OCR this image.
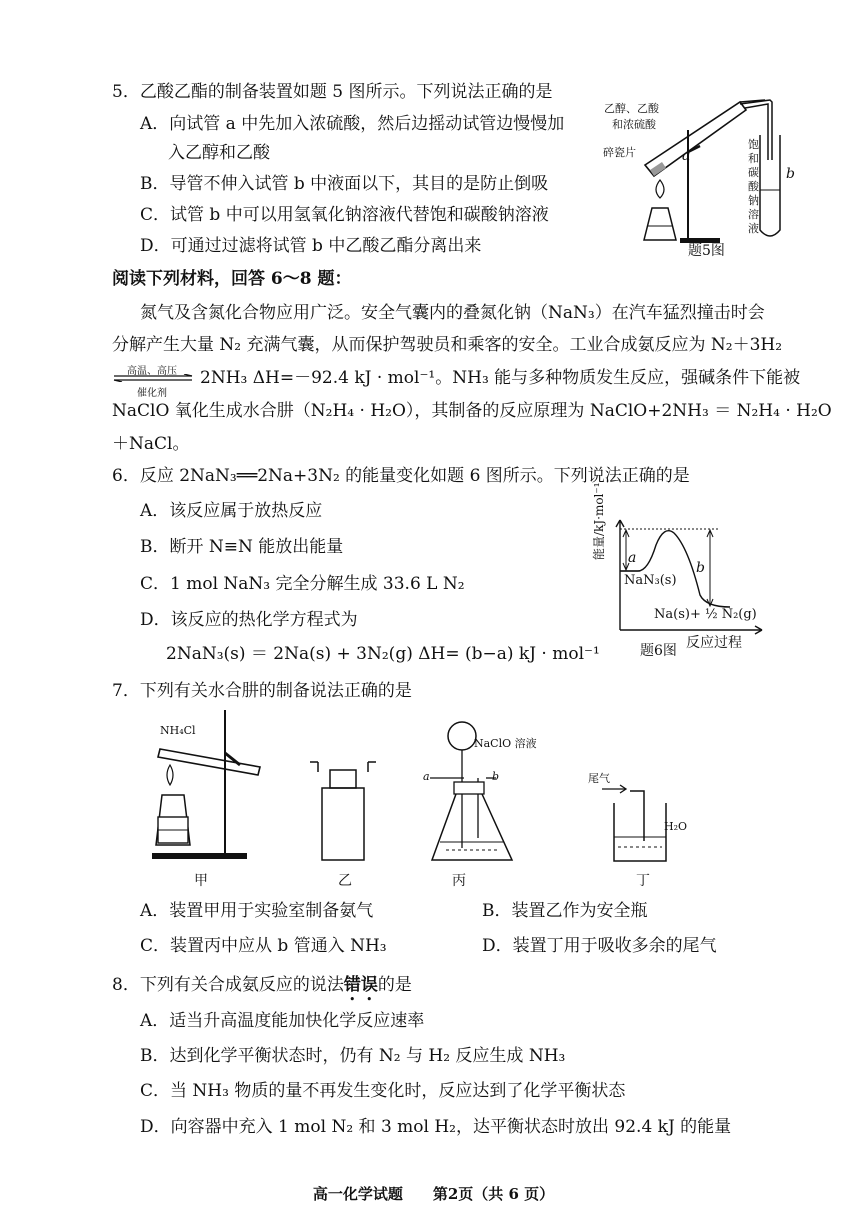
5．乙酸乙酯的制备装置如题 5 图所示。下列说法正确的是
A．向试管 a 中先加入浓硫酸，然后边摇动试管边慢慢加
入乙醇和乙酸
B．导管不伸入试管 b 中液面以下，其目的是防止倒吸
C．试管 b 中可以用氢氧化钠溶液代替饱和碳酸钠溶液
D．可通过过滤将试管 b 中乙酸乙酯分离出来
乙醇、乙酸
和浓硫酸
碎瓷片	a
b
饱 和 碳 酸 钠 溶 液
题5图
阅读下列材料，回答 6～8 题：
氮气及含氮化合物应用广泛。安全气囊内的叠氮化钠（NaN₃）在汽车猛烈撞击时会
分解产生大量 N₂ 充满气囊，从而保护驾驶员和乘客的安全。工业合成氨反应为 N₂＋3H₂
高温、高压
催化剂
2NH₃ ΔH=－92.4 kJ · mol⁻¹。NH₃ 能与多种物质发生反应，强碱条件下能被
NaClO 氧化生成水合肼（N₂H₄ · H₂O），其制备的反应原理为 NaClO+2NH₃ ＝ N₂H₄ · H₂O
＋NaCl。
6．反应 2NaN₃══2Na+3N₂ 的能量变化如题 6 图所示。下列说法正确的是
A．该反应属于放热反应
B．断开 N≡N 能放出能量
C．1 mol NaN₃ 完全分解生成 33.6 L N₂
D．该反应的热化学方程式为
2NaN₃(s) ＝ 2Na(s) + 3N₂(g) ΔH= (b−a) kJ · mol⁻¹
能量/kJ·mol⁻¹ a
b
NaN₃(s)
Na(s)+ ½ N₂(g)
反应过程
题6图
7．下列有关水合肼的制备说法正确的是
NH₄Cl
NaClO 溶液
a	b	尾气
H₂O
甲	乙	丙	丁
A．装置甲用于实验室制备氨气	B．装置乙作为安全瓶
C．装置丙中应从 b 管通入 NH₃	D．装置丁用于吸收多余的尾气
8．下列有关合成氨反应的说法错误的是
A．适当升高温度能加快化学反应速率
B．达到化学平衡状态时，仍有 N₂ 与 H₂ 反应生成 NH₃
C．当 NH₃ 物质的量不再发生变化时，反应达到了化学平衡状态
D．向容器中充入 1 mol N₂ 和 3 mol H₂，达平衡状态时放出 92.4 kJ 的能量
高一化学试题　　第2页（共 6 页）
